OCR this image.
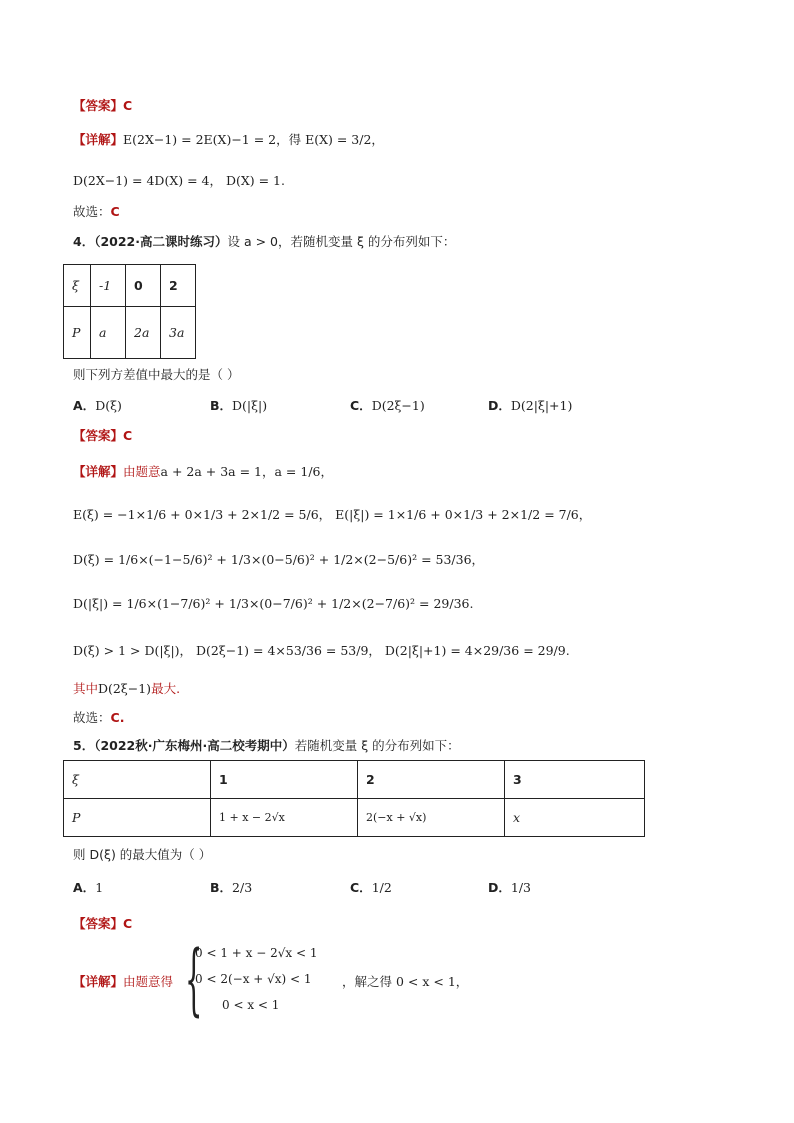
【答案】C
【详解】E(2X−1) = 2E(X)−1 = 2，得 E(X) = 3/2，
D(2X−1) = 4D(X) = 4， D(X) = 1.
故选：C
4．（2022·高二课时练习）设 a > 0，若随机变量 ξ 的分布列如下：
ξ	-1	0	2
P	a	2a	3a
则下列方差值中最大的是（ ）
A．D(ξ)	B．D(|ξ|)	C．D(2ξ−1)	D．D(2|ξ|+1)
【答案】C
【详解】由题意a + 2a + 3a = 1，a = 1/6，
E(ξ) = −1×1/6 + 0×1/3 + 2×1/2 = 5/6， E(|ξ|) = 1×1/6 + 0×1/3 + 2×1/2 = 7/6，
D(ξ) = 1/6×(−1−5/6)² + 1/3×(0−5/6)² + 1/2×(2−5/6)² = 53/36，
D(|ξ|) = 1/6×(1−7/6)² + 1/3×(0−7/6)² + 1/2×(2−7/6)² = 29/36.
D(ξ) > 1 > D(|ξ|)， D(2ξ−1) = 4×53/36 = 53/9， D(2|ξ|+1) = 4×29/36 = 29/9.
其中D(2ξ−1)最大.
故选：C.
5．（2022秋·广东梅州·高二校考期中）若随机变量 ξ 的分布列如下：
ξ	1	2	3
P	1 + x − 2√x	2(−x + √x)	x
则 D(ξ) 的最大值为（ ）
A．1	B．2/3	C．1/2	D．1/3
【答案】C
【详解】由题意得 {
0 < 1 + x − 2√x < 1
0 < 2(−x + √x) < 1
0 < x < 1
，解之得 0 < x < 1，
